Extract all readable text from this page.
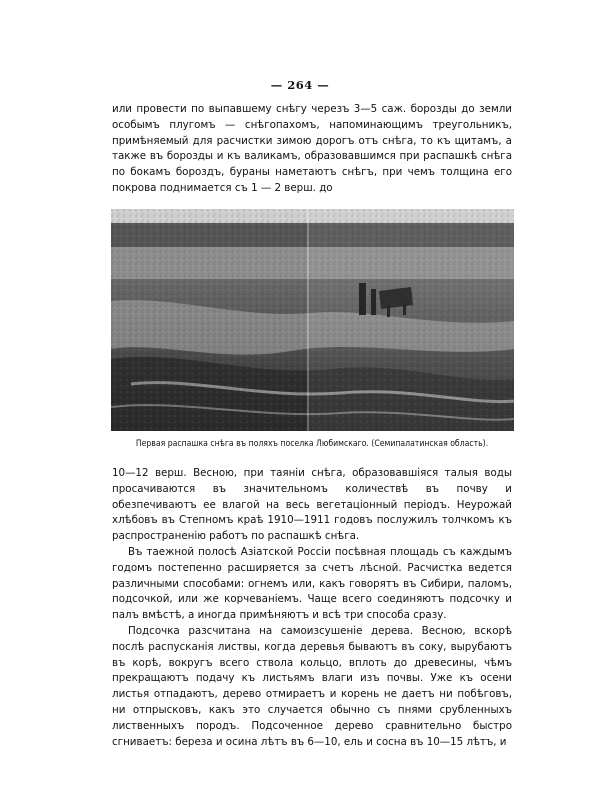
— 264 —

или провести по выпавшему снѣгу черезъ 3—5 саж. борозды до земли особымъ плугомъ — снѣгопахомъ, напоминающимъ треугольникъ, примѣняемый для расчистки зимою дорогъ отъ снѣга, то къ щитамъ, а также въ борозды и къ валикамъ, образовавшимся при распашкѣ снѣга по бокамъ бороздъ, бураны наметаютъ снѣгъ, при чемъ толщина его покрова поднимается съ 1 — 2 верш. до

Первая распашка снѣга въ поляхъ поселка Любимскаго. (Семипалатинская область).

10—12 верш. Весною, при таяніи снѣга, образовавшіяся талыя воды просачиваются въ значительномъ количествѣ въ почву и обезпечиваютъ ее влагой на весь вегетаціонный періодъ. Неурожай хлѣбовъ въ Степномъ краѣ 1910—1911 годовъ послужилъ толчкомъ къ распространенію работъ по распашкѣ снѣга.

Въ таежной полосѣ Азіатской Россіи посѣвная площадь съ каждымъ годомъ постепенно расширяется за счетъ лѣсной. Расчистка ведется различными способами: огнемъ или, какъ говорятъ въ Сибири, паломъ, подсочкой, или же корчеваніемъ. Чаще всего соединяютъ подсочку и палъ вмѣстѣ, а иногда примѣняютъ и всѣ три способа сразу.

Подсочка разсчитана на самоизсушеніе дерева. Весною, вскорѣ послѣ распусканія листвы, когда деревья бываютъ въ соку, вырубаютъ въ корѣ, вокругъ всего ствола кольцо, вплоть до древесины, чѣмъ прекращаютъ подачу къ листьямъ влаги изъ почвы. Уже къ осени листья отпадаютъ, дерево отмираетъ и корень не даетъ ни побѣговъ, ни отпрысковъ, какъ это случается обычно съ пнями срубленныхъ лиственныхъ породъ. Подсоченное дерево сравнительно быстро сгниваетъ: береза и осина лѣтъ въ 6—10, ель и сосна въ 10—15 лѣтъ, и
